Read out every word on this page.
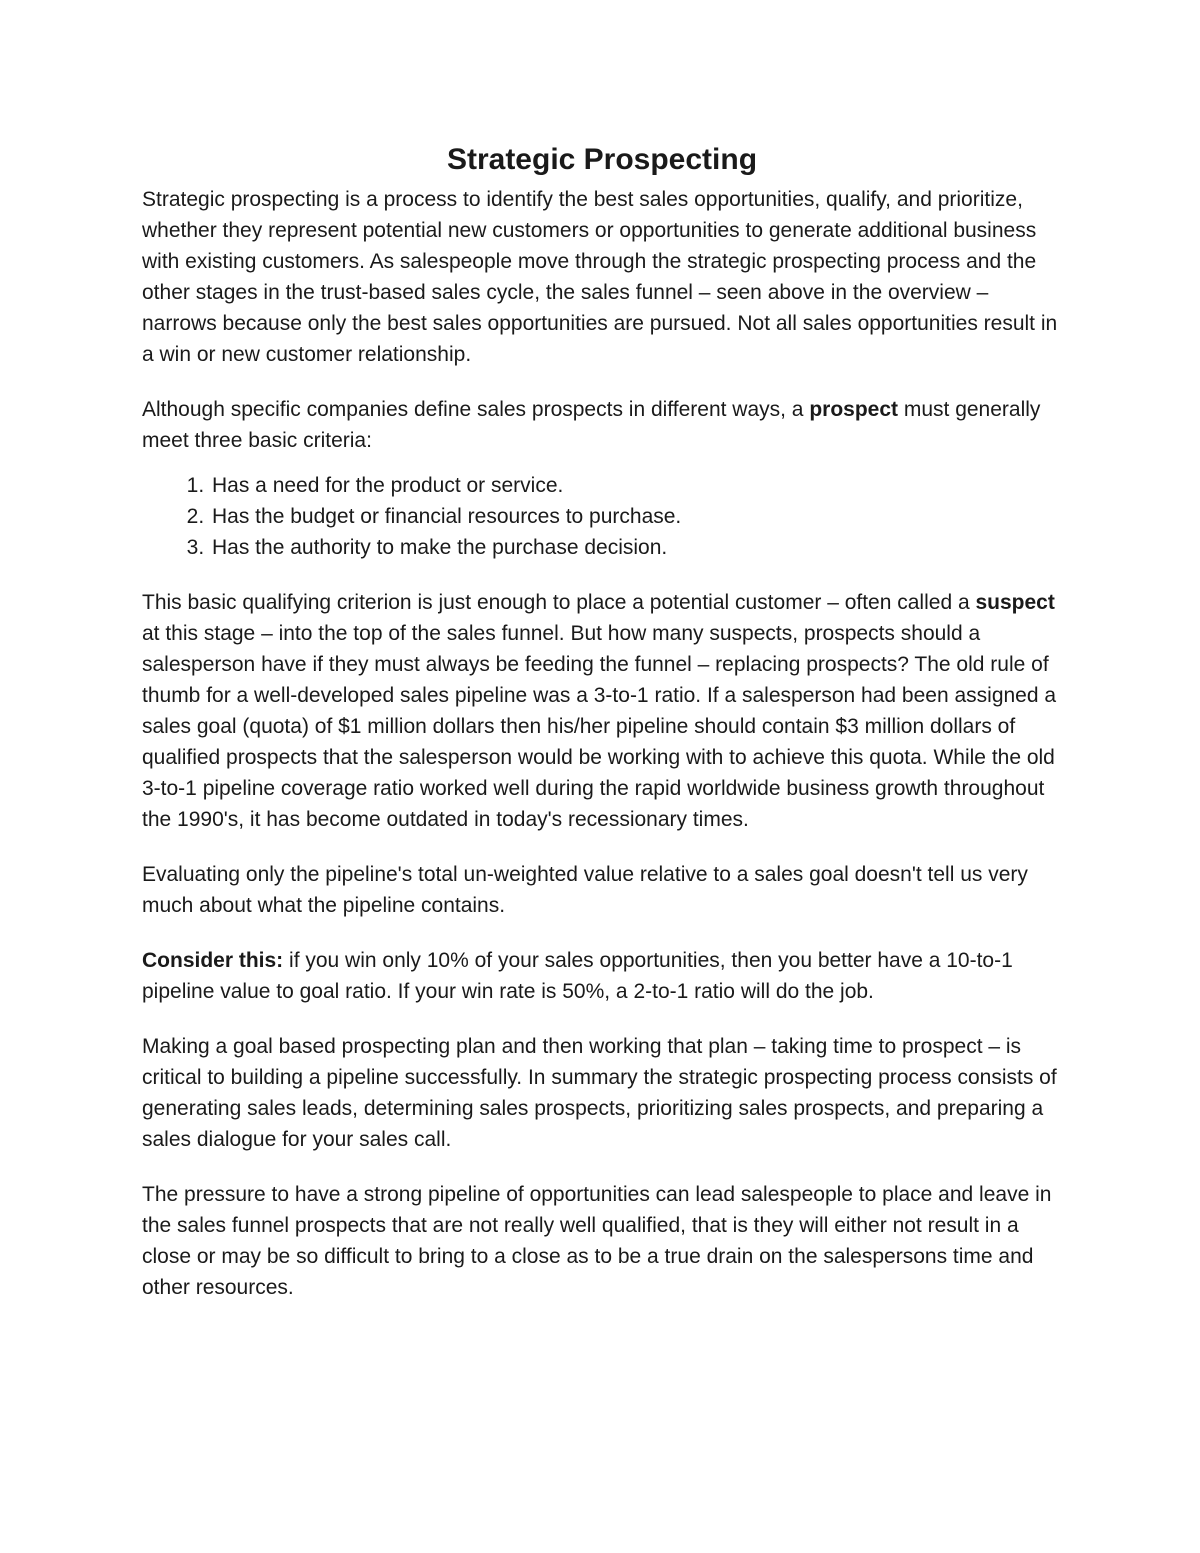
Strategic Prospecting

Strategic prospecting is a process to identify the best sales opportunities, qualify, and prioritize, whether they represent potential new customers or opportunities to generate additional business with existing customers. As salespeople move through the strategic prospecting process and the other stages in the trust-based sales cycle, the sales funnel – seen above in the overview – narrows because only the best sales opportunities are pursued. Not all sales opportunities result in a win or new customer relationship.

Although specific companies define sales prospects in different ways, a prospect must generally meet three basic criteria:

1. Has a need for the product or service.
2. Has the budget or financial resources to purchase.
3. Has the authority to make the purchase decision.

This basic qualifying criterion is just enough to place a potential customer – often called a suspect at this stage – into the top of the sales funnel. But how many suspects, prospects should a salesperson have if they must always be feeding the funnel – replacing prospects? The old rule of thumb for a well-developed sales pipeline was a 3-to-1 ratio. If a salesperson had been assigned a sales goal (quota) of $1 million dollars then his/her pipeline should contain $3 million dollars of qualified prospects that the salesperson would be working with to achieve this quota. While the old 3-to-1 pipeline coverage ratio worked well during the rapid worldwide business growth throughout the 1990's, it has become outdated in today's recessionary times.

Evaluating only the pipeline's total un-weighted value relative to a sales goal doesn't tell us very much about what the pipeline contains.

Consider this: if you win only 10% of your sales opportunities, then you better have a 10-to-1 pipeline value to goal ratio. If your win rate is 50%, a 2-to-1 ratio will do the job.

Making a goal based prospecting plan and then working that plan – taking time to prospect – is critical to building a pipeline successfully. In summary the strategic prospecting process consists of generating sales leads, determining sales prospects, prioritizing sales prospects, and preparing a sales dialogue for your sales call.

The pressure to have a strong pipeline of opportunities can lead salespeople to place and leave in the sales funnel prospects that are not really well qualified, that is they will either not result in a close or may be so difficult to bring to a close as to be a true drain on the salespersons time and other resources.
